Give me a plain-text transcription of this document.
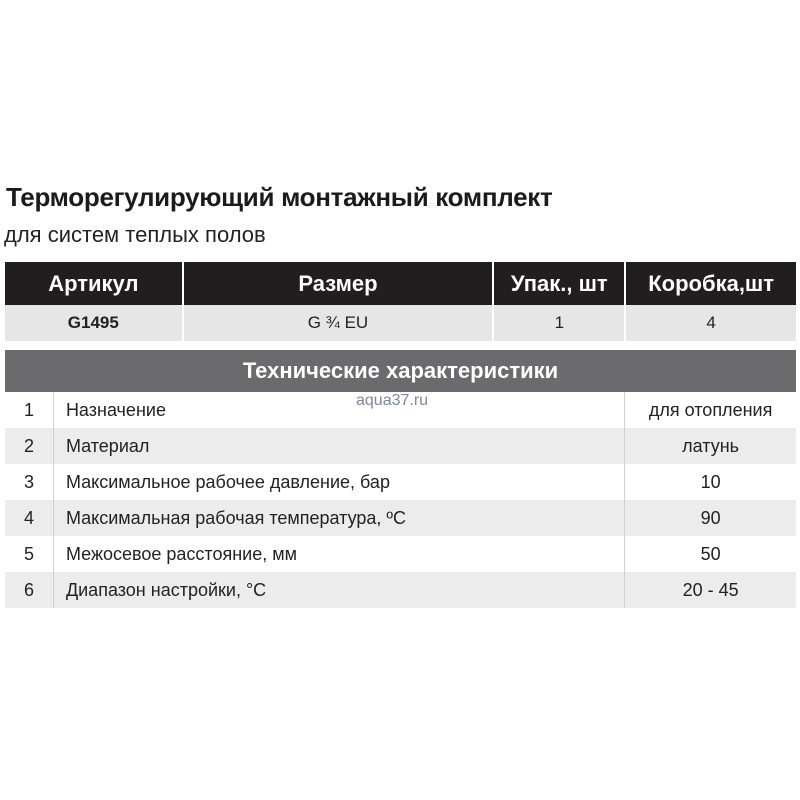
Терморегулирующий монтажный комплект
для систем теплых полов
Артикул	Размер	Упак., шт	Коробка,шт
G1495	G ¾ EU	1	4
Технические характеристики
1	Назначение	для отопления
2	Материал	латунь
3	Максимальное рабочее давление, бар	10
4	Максимальная рабочая температура, ºС	90
5	Межосевое расстояние, мм	50
6	Диапазон настройки, °С	20 - 45
aqua37.ru
